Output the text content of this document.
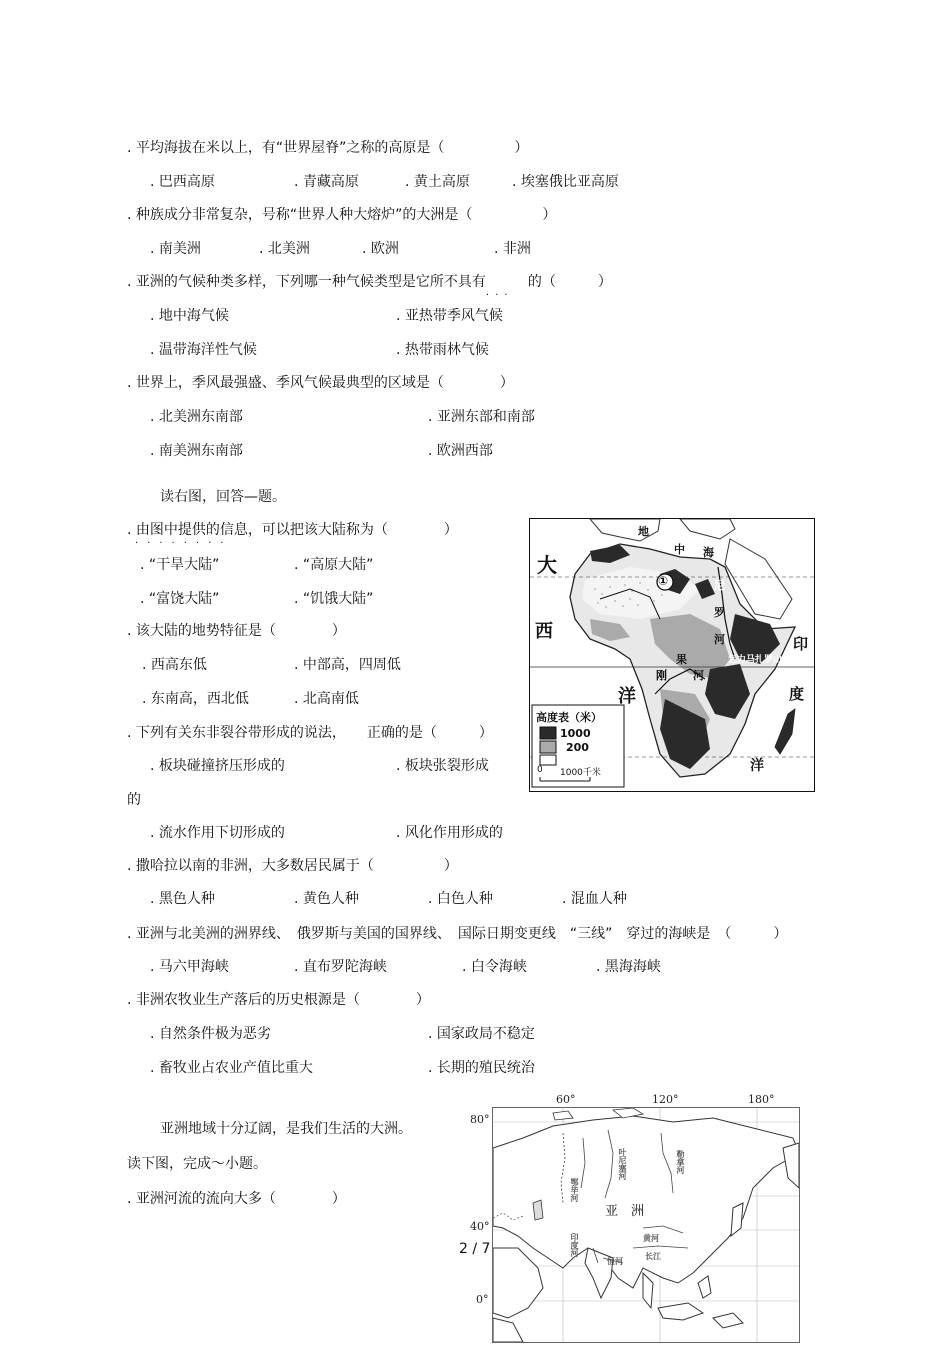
. 平均海拔在米以上，有“世界屋脊”之称的高原是（　　　　　）
. 巴西高原	. 青藏高原	. 黄土高原	. 埃塞俄比亚高原
. 种族成分非常复杂，号称“世界人种大熔炉”的大洲是（　　　　　）
. 南美洲	. 北美洲	. 欧洲	. 非洲
. 亚洲的气候种类多样，下列哪一种气候类型是它所不具有　　　
...
的（　　　）
. 地中海气候	. 亚热带季风气候
. 温带海洋性气候	. 热带雨林气候
. 世界上，季风最强盛、季风气候最典型的区域是（　　　　）
. 北美洲东南部	. 亚洲东部和南部
. 南美洲东南部	. 欧洲西部
读右图，回答—题。
. 由图中提供的信息
........
，可以把该大陆称为（　　　　）
. “干旱大陆”	. “高原大陆”
. “富饶大陆”	. “饥饿大陆”
. 该大陆的地势特征是（　　　　）
. 西高东低	. 中部高，四周低
. 东南高，西北低	. 北高南低
. 下列有关东非裂谷带形成的说法，　　正确的是（　　　）
. 板块碰撞挤压形成的	. 板块张裂形成
的
. 流水作用下切形成的	. 风化作用形成的
. 撒哈拉以南的非洲，大多数居民属于（　　　　　）
. 黑色人种	. 黄色人种	. 白色人种	. 混血人种
. 亚洲与北美洲的洲界线、　俄罗斯与美国的国界线、　国际日期变更线　“三线”　穿过的海峡是　（　　　）
. 马六甲海峡	. 直布罗陀海峡	. 白令海峡	. 黑海海峡
. 非洲农牧业生产落后的历史根源是（　　　　）
. 自然条件极为恶劣	. 国家政局不稳定
. 畜牧业占农业产值比重大	. 长期的殖民统治
亚洲地域十分辽阔，是我们生活的大洲。
读下图，完成～小题。
. 亚洲河流的流向大多（　　　　）
2 / 7
大
西
洋
印
度
洋
中 海
地
尼
罗
河
刚
果
河
乞力马扎罗山
①
高度表（米）
1000
200
0 1000千米
60°	120°	180°
80°
40°
0°
亚　洲
叶尼塞河	勒拿河
鄂毕河
黄河
长江
印度河
恒河
